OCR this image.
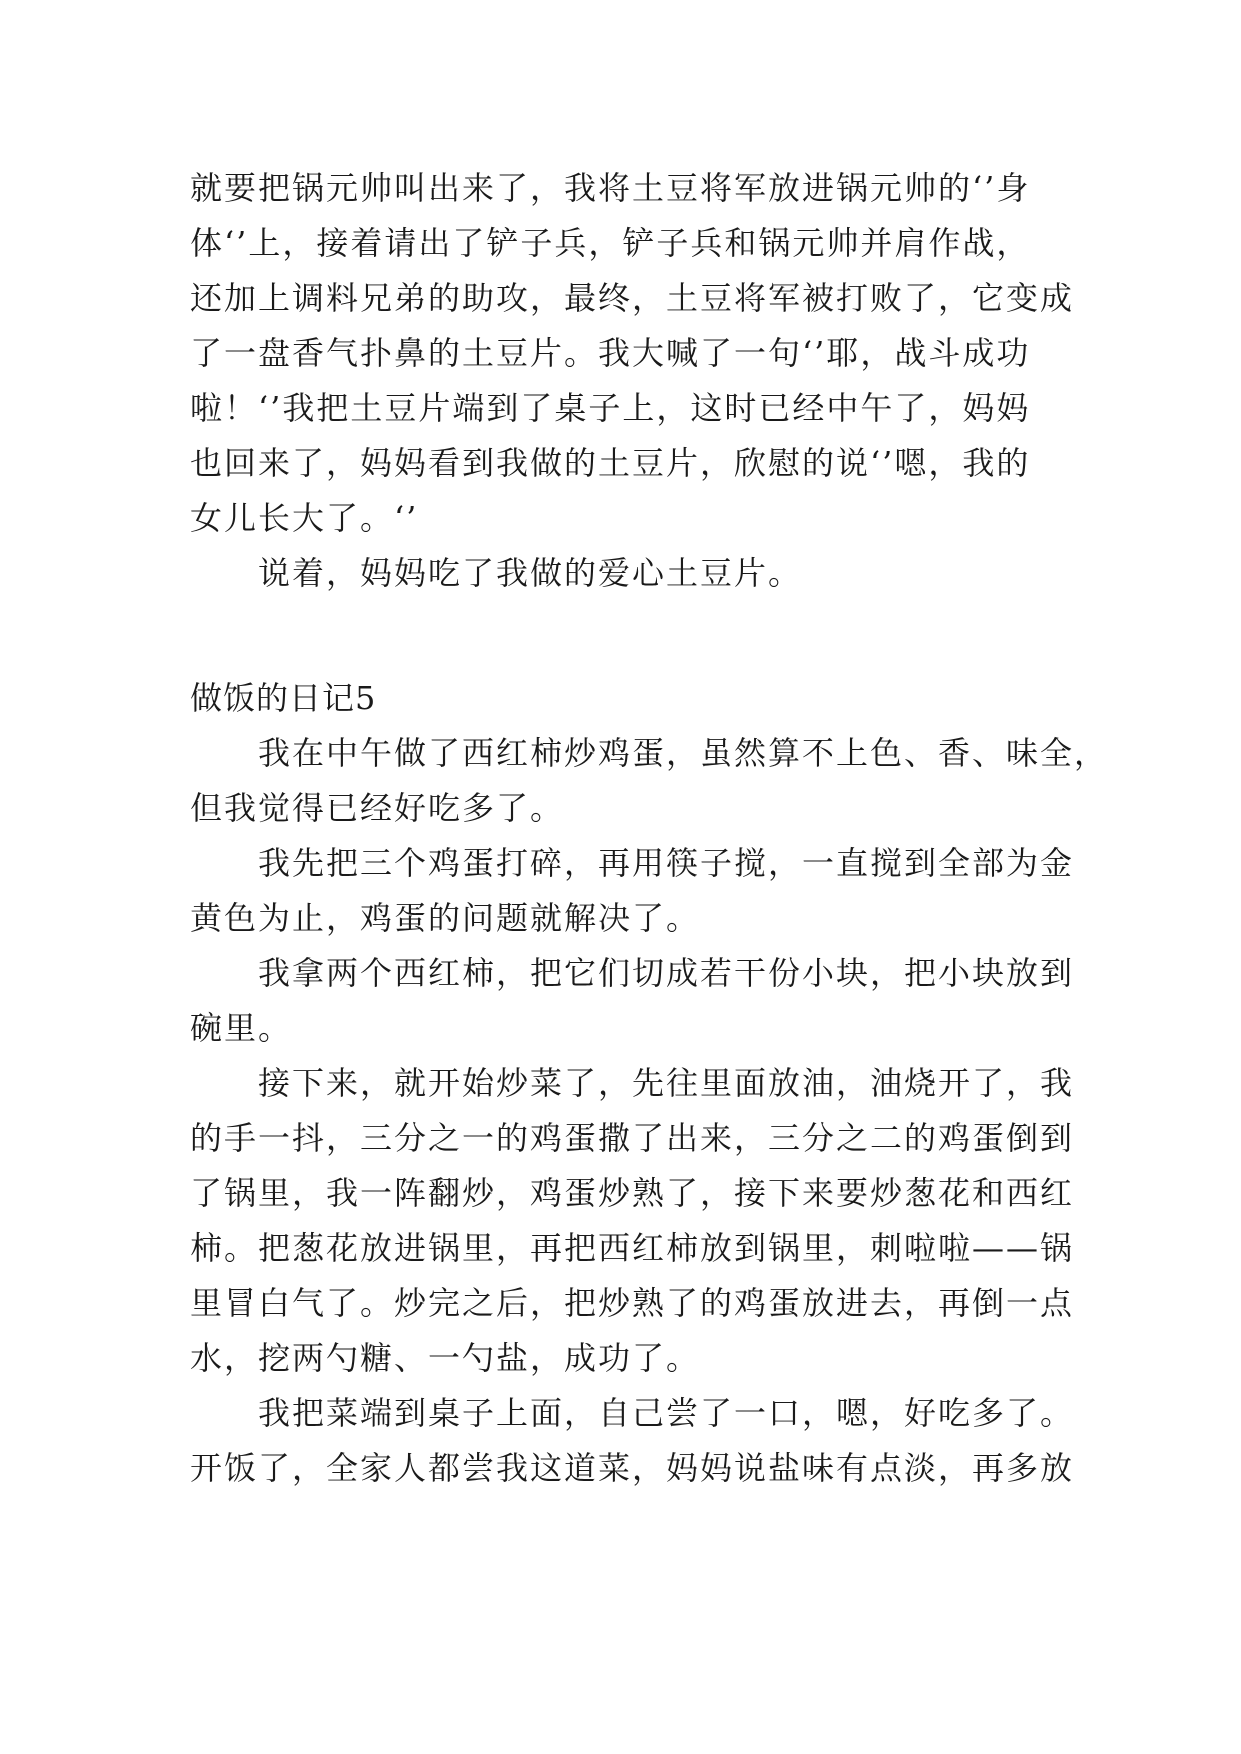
就要把锅元帅叫出来了，我将土豆将军放进锅元帅的‘’身
体‘’上，接着请出了铲子兵，铲子兵和锅元帅并肩作战，
还加上调料兄弟的助攻，最终，土豆将军被打败了，它变成
了一盘香气扑鼻的土豆片。我大喊了一句‘’耶，战斗成功
啦！‘’我把土豆片端到了桌子上，这时已经中午了，妈妈
也回来了，妈妈看到我做的土豆片，欣慰的说‘’嗯，我的
女儿长大了。‘’
说着，妈妈吃了我做的爱心土豆片。
做饭的日记5
我在中午做了西红柿炒鸡蛋，虽然算不上色、香、味全，
但我觉得已经好吃多了。
我先把三个鸡蛋打碎，再用筷子搅，一直搅到全部为金
黄色为止，鸡蛋的问题就解决了。
我拿两个西红柿，把它们切成若干份小块，把小块放到
碗里。
接下来，就开始炒菜了，先往里面放油，油烧开了，我
的手一抖，三分之一的鸡蛋撒了出来，三分之二的鸡蛋倒到
了锅里，我一阵翻炒，鸡蛋炒熟了，接下来要炒葱花和西红
柿。把葱花放进锅里，再把西红柿放到锅里，刺啦啦——锅
里冒白气了。炒完之后，把炒熟了的鸡蛋放进去，再倒一点
水，挖两勺糖、一勺盐，成功了。
我把菜端到桌子上面，自己尝了一口，嗯，好吃多了。
开饭了，全家人都尝我这道菜，妈妈说盐味有点淡，再多放
